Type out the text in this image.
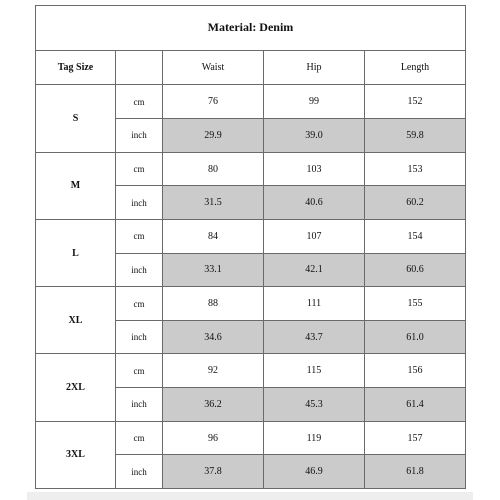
Material: Denim				
Tag Size		Waist	Hip	Length
S	cm	76	99	152
	inch	29.9	39.0	59.8
M	cm	80	103	153
	inch	31.5	40.6	60.2
L	cm	84	107	154
	inch	33.1	42.1	60.6
XL	cm	88	111	155
	inch	34.6	43.7	61.0
2XL	cm	92	115	156
	inch	36.2	45.3	61.4
3XL	cm	96	119	157
	inch	37.8	46.9	61.8
